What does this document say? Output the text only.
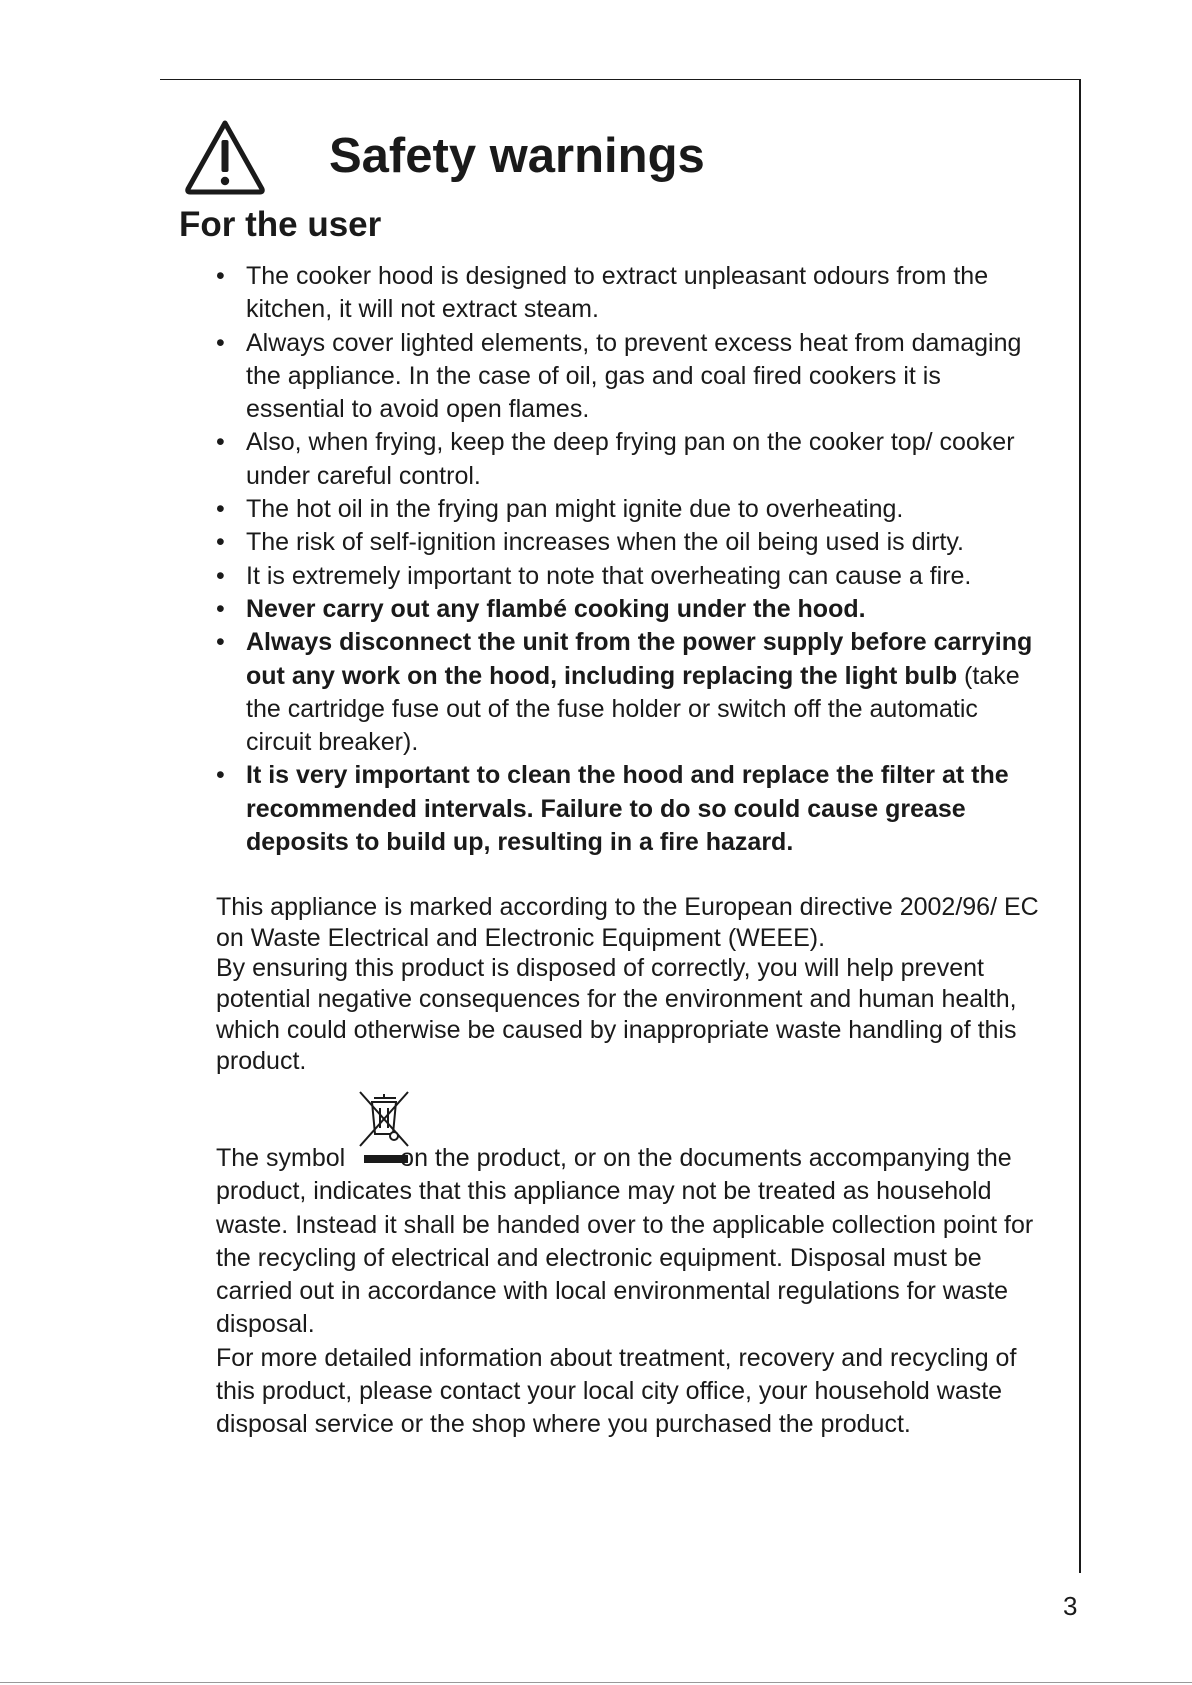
Safety warnings
For the user
• The cooker hood is designed to extract unpleasant odours from the kitchen, it will not extract steam.
• Always cover lighted elements, to prevent excess heat from damaging the appliance. In the case of oil, gas and coal fired cookers it is essential to avoid open flames.
• Also, when frying, keep the deep frying pan on the cooker top/ cooker under careful control.
• The hot oil in the frying pan might ignite due to overheating.
• The risk of self-ignition increases when the oil being used is dirty.
• It is extremely important to note that overheating can cause a fire.
• Never carry out any flambé cooking under the hood.
• Always disconnect the unit from the power supply before carrying out any work on the hood, including replacing the light bulb (take the cartridge fuse out of the fuse holder or switch off the automatic circuit breaker).
• It is very important to clean the hood and replace the filter at the recommended intervals. Failure to do so could cause grease deposits to build up, resulting in a fire hazard.
This appliance is marked according to the European directive 2002/96/ EC on Waste Electrical and Electronic Equipment (WEEE).
By ensuring this product is disposed of correctly, you will help prevent potential negative consequences for the environment and human health, which could otherwise be caused by inappropriate waste handling of this product.
The symbol on the product, or on the documents accompanying the product, indicates that this appliance may not be treated as household waste. Instead it shall be handed over to the applicable collection point for the recycling of electrical and electronic equipment. Disposal must be carried out in accordance with local environmental regulations for waste disposal.
For more detailed information about treatment, recovery and recycling of this product, please contact your local city office, your household waste disposal service or the shop where you purchased the product.
3
